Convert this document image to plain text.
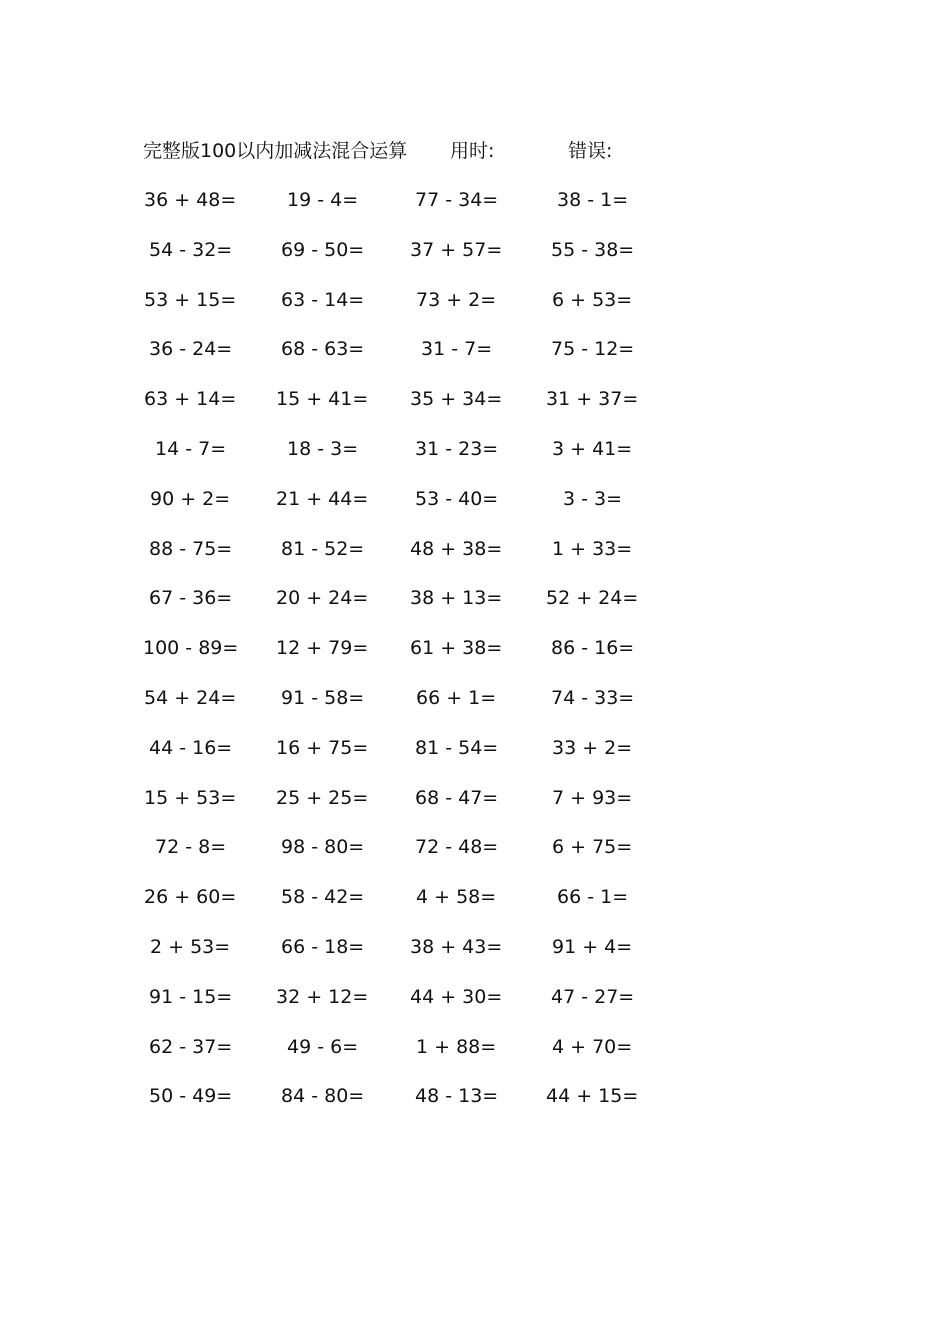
完整版100以内加减法混合运算 用时:	错误:
36 + 48=	19 - 4=	77 - 34=	38 - 1=
54 - 32=	69 - 50= 37 + 57=	55 - 38=
53 + 15= 63 - 14=	73 + 2=	6 + 53=
36 - 24=	68 - 63=	31 - 7=	75 - 12=
63 + 14= 15 + 41= 35 + 34= 31 + 37=
14 - 7=	18 - 3=	31 - 23=	3 + 41=
90 + 2= 21 + 44= 53 - 40=	3 - 3=
88 - 75=	81 - 52= 48 + 38=	1 + 33=
67 - 36= 20 + 24= 38 + 13= 52 + 24=
100 - 89= 12 + 79= 61 + 38=	86 - 16=
54 + 24= 91 - 58=	66 + 1=	74 - 33=
44 - 16= 16 + 75= 81 - 54=	33 + 2=
15 + 53= 25 + 25= 68 - 47=	7 + 93=
72 - 8=	98 - 80=	72 - 48=	6 + 75=
26 + 60= 58 - 42=	4 + 58=	66 - 1=
2 + 53=	66 - 18= 38 + 43=	91 + 4=
91 - 15= 32 + 12= 44 + 30=	47 - 27=
62 - 37=	49 - 6=	1 + 88=	4 + 70=
50 - 49=	84 - 80=	48 - 13=	44 + 15=
